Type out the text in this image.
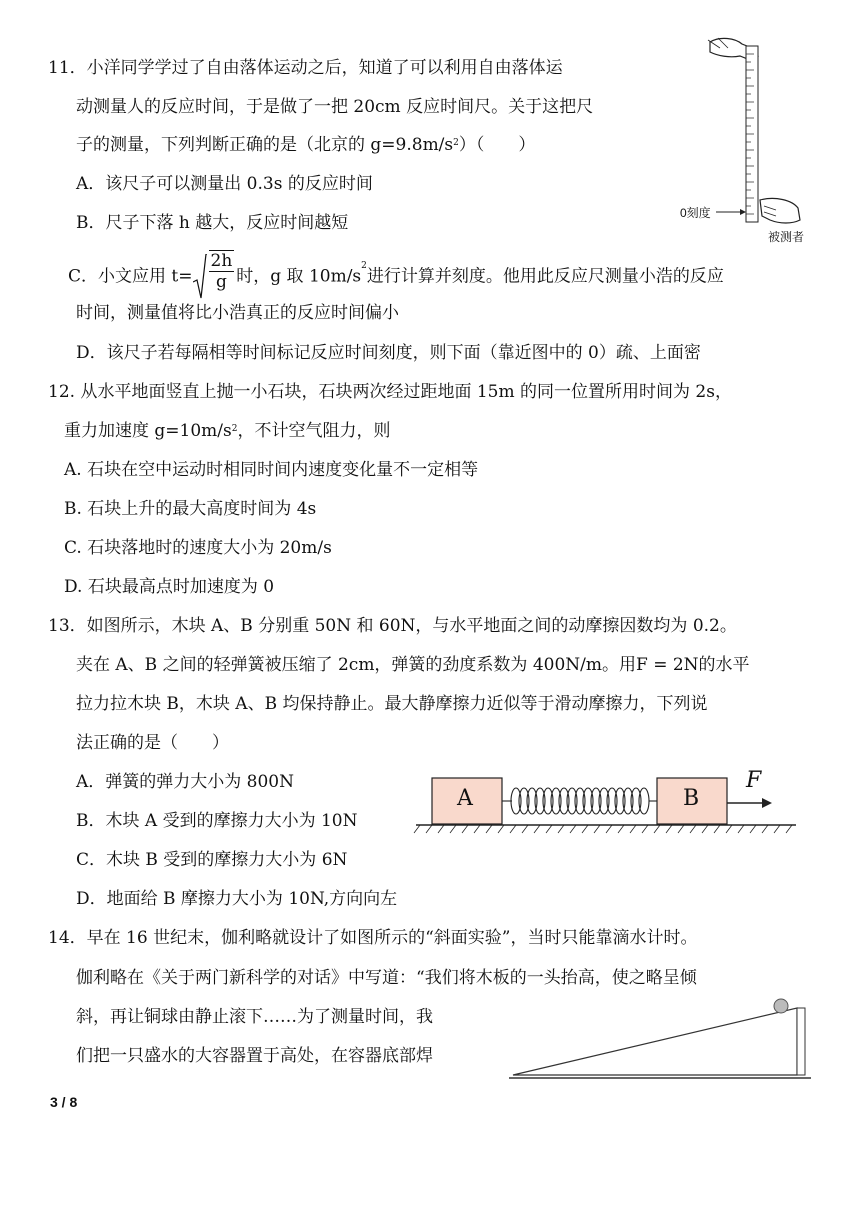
11．小洋同学学过了自由落体运动之后，知道了可以利用自由落体运
动测量人的反应时间，于是做了一把 20cm 反应时间尺。关于这把尺
子的测量，下列判断正确的是（北京的 $g=9.8m/s^2$）（　　）
A．该尺子可以测量出 0.3s 的反应时间
B．尺子下落 h 越大，反应时间越短
C．小文应用 $t= \frac{2h}{g}$ 时，g 取 $10m/s^2$进行计算并刻度。他用此反应尺测量小浩的反应
时间，测量值将比小浩真正的反应时间偏小
D．该尺子若每隔相等时间标记反应时间刻度，则下面（靠近图中的 0）疏、上面密
12. 从水平地面竖直上抛一小石块，石块两次经过距地面 15m 的同一位置所用时间为 2s，
重力加速度 $g=10m/s^2$，不计空气阻力，则
A. 石块在空中运动时相同时间内速度变化量不一定相等
B. 石块上升的最大高度时间为 4s
C. 石块落地时的速度大小为 20m/s
D. 石块最高点时加速度为 0
13．如图所示，木块 A、B 分别重 50N 和 60N，与水平地面之间的动摩擦因数均为 0.2。
夹在 A、B 之间的轻弹簧被压缩了 2cm，弹簧的劲度系数为 400N/m。用F = 2N的水平
拉力拉木块 B，木块 A、B 均保持静止。最大静摩擦力近似等于滑动摩擦力，下列说
法正确的是（　　）
A．弹簧的弹力大小为 800N
B．木块 A 受到的摩擦力大小为 10N
C．木块 B 受到的摩擦力大小为 6N
D．地面给 B 摩擦力大小为 10N,方向向左
14．早在 16 世纪末，伽利略就设计了如图所示的“斜面实验”，当时只能靠滴水计时。
伽利略在《关于两门新科学的对话》中写道：“我们将木板的一头抬高，使之略呈倾
斜，再让铜球由静止滚下……为了测量时间，我
们把一只盛水的大容器置于高处，在容器底部焊
0刻度
被测者
A	B
F
3 / 8
